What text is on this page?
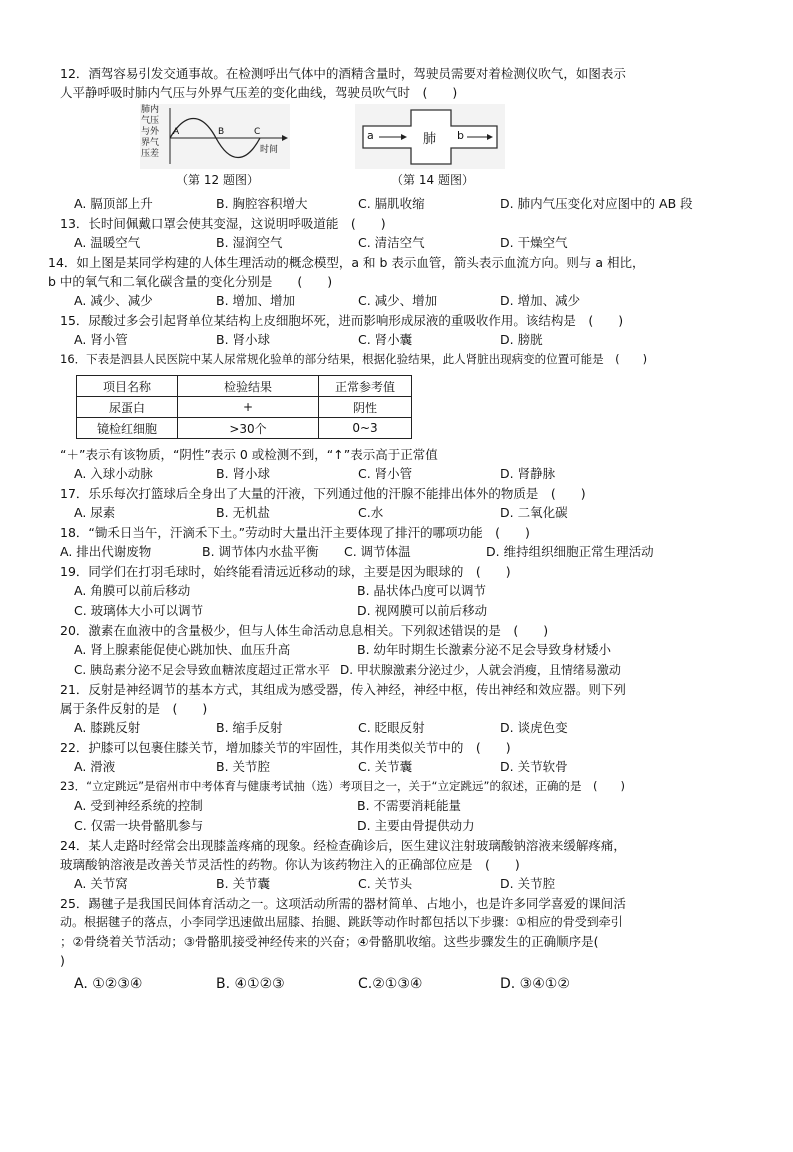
12．酒驾容易引发交通事故。在检测呼出气体中的酒精含量时，驾驶员需要对着检测仪吹气，如图表示

人平静呼吸时肺内气压与外界气压差的变化曲线，驾驶员吹气时　(　　)

肺内
气压
与外
界气
压差
A	B	C
时间
（第 12 题图）
a	肺 b
（第 14 题图）
A. 膈顶部上升	B. 胸腔容积增大	C. 膈肌收缩	D. 肺内气压变化对应图中的 AB 段

13．长时间佩戴口罩会使其变湿，这说明呼吸道能　(　　)

A. 温暖空气	B. 湿润空气	C. 清洁空气	D. 干燥空气

14．如上图是某同学构建的人体生理活动的概念模型，a 和 b 表示血管，箭头表示血流方向。则与 a 相比，

b 中的氧气和二氧化碳含量的变化分别是　　(　　)

A. 减少、减少	B. 增加、增加	C. 减少、增加	D. 增加、减少

15．尿酸过多会引起肾单位某结构上皮细胞坏死，进而影响形成尿液的重吸收作用。该结构是　(　　)

A. 肾小管	B. 肾小球	C. 肾小囊	D. 膀胱

16．下表是泗县人民医院中某人尿常规化验单的部分结果，根据化验结果，此人肾脏出现病变的位置可能是　(　　)

项目名称	检验结果	正常参考值
尿蛋白	+	阴性
镜检红细胞	>30个	0~3

“＋”表示有该物质，“阴性”表示 0 或检测不到，“↑”表示高于正常值

A. 入球小动脉	B. 肾小球	C. 肾小管	D. 肾静脉

17．乐乐每次打篮球后全身出了大量的汗液，下列通过他的汗腺不能排出体外的物质是　(　　)

A. 尿素	B. 无机盐	C.水	D. 二氧化碳

18．“锄禾日当午，汗滴禾下土。”劳动时大量出汗主要体现了排汗的哪项功能　(　　)

A. 排出代谢废物	B. 调节体内水盐平衡	C. 调节体温	D. 维持组织细胞正常生理活动

19．同学们在打羽毛球时，始终能看清远近移动的球，主要是因为眼球的　(　　)

A. 角膜可以前后移动	B. 晶状体凸度可以调节
C. 玻璃体大小可以调节	D. 视网膜可以前后移动

20．激素在血液中的含量极少，但与人体生命活动息息相关。下列叙述错误的是　(　　)

A. 肾上腺素能促使心跳加快、血压升高	B. 幼年时期生长激素分泌不足会导致身材矮小
C. 胰岛素分泌不足会导致血糖浓度超过正常水平 D. 甲状腺激素分泌过少，人就会消瘦，且情绪易激动

21．反射是神经调节的基本方式，其组成为感受器，传入神经，神经中枢，传出神经和效应器。则下列

属于条件反射的是　(　　)

A. 膝跳反射	B. 缩手反射	C. 眨眼反射	D. 谈虎色变

22．护膝可以包裹住膝关节，增加膝关节的牢固性，其作用类似关节中的　(　　)

A. 滑液	B. 关节腔	C. 关节囊	D. 关节软骨

23．“立定跳远”是宿州市中考体育与健康考试抽（选）考项目之一，关于“立定跳远”的叙述，正确的是　(　　)

A. 受到神经系统的控制	B. 不需要消耗能量
C. 仅需一块骨骼肌参与	D. 主要由骨提供动力

24．某人走路时经常会出现膝盖疼痛的现象。经检查确诊后，医生建议注射玻璃酸钠溶液来缓解疼痛，

玻璃酸钠溶液是改善关节灵活性的药物。你认为该药物注入的正确部位应是　(　　)

A. 关节窝	B. 关节囊	C. 关节头	D. 关节腔

25．踢毽子是我国民间体育活动之一。这项活动所需的器材简单、占地小，也是许多同学喜爱的课间活

动。根据毽子的落点，小李同学迅速做出屈膝、抬腿、跳跃等动作时都包括以下步骤：①相应的骨受到牵引

；②骨绕着关节活动；③骨骼肌接受神经传来的兴奋；④骨骼肌收缩。这些步骤发生的正确顺序是(

)

A. ①②③④	B. ④①②③	C.②①③④	D. ③④①②
